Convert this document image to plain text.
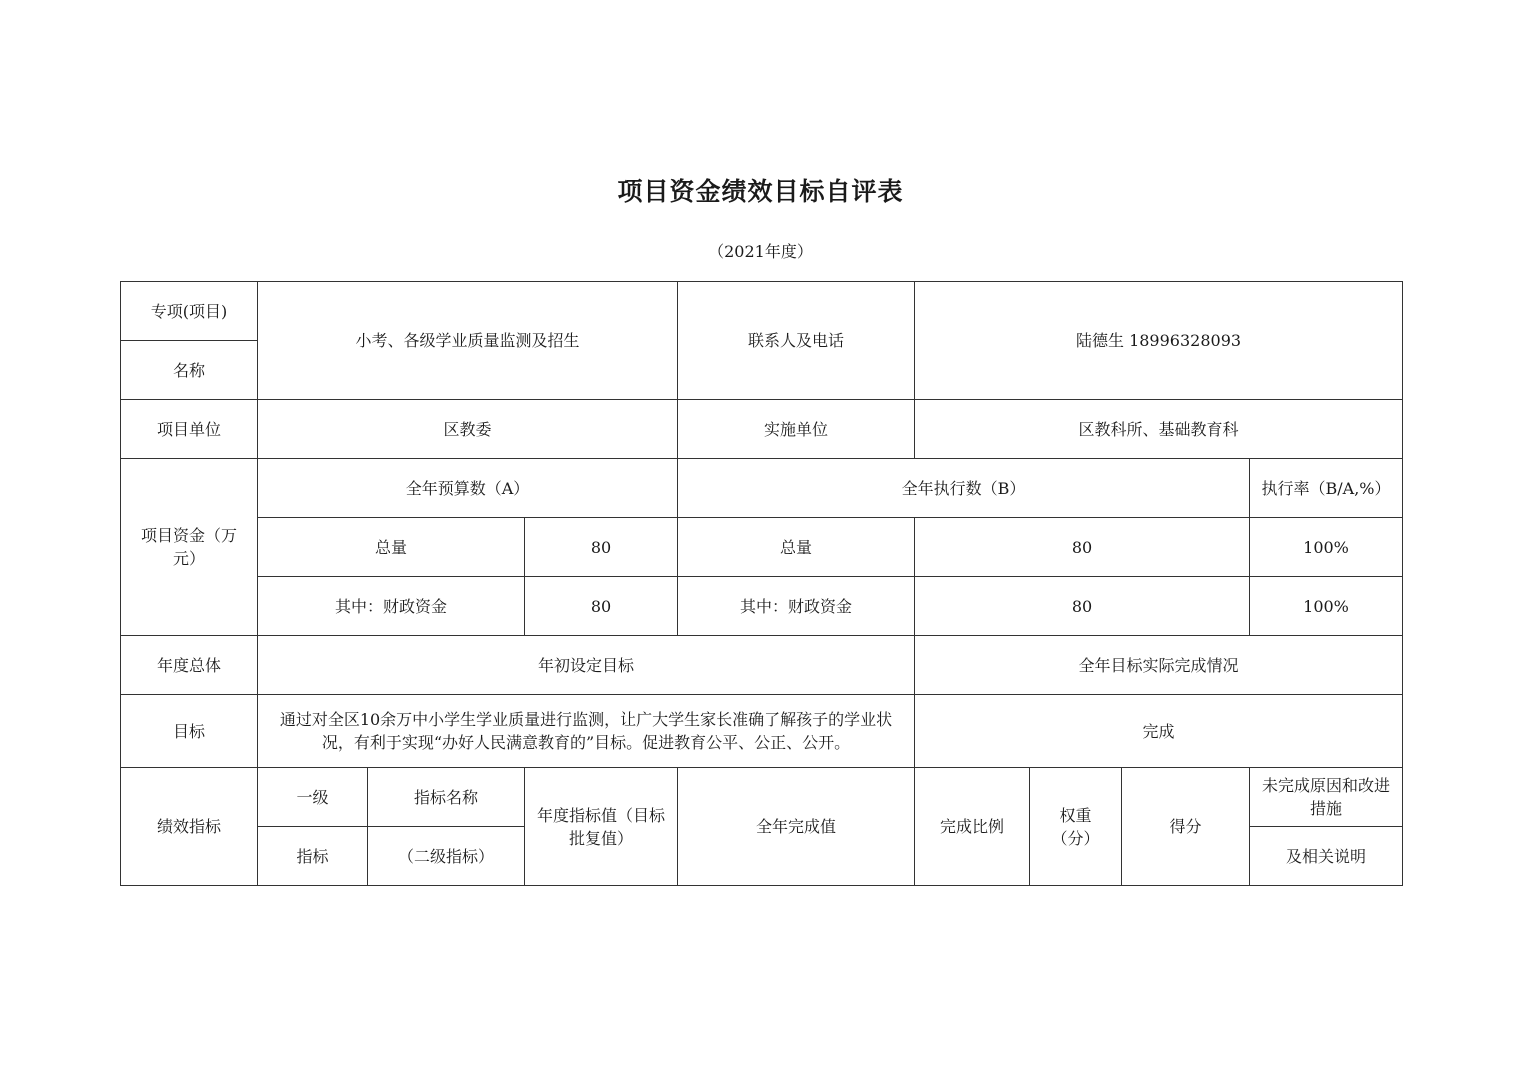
项目资金绩效目标自评表
（2021年度）
专项(项目)	小考、各级学业质量监测及招生			联系人及电话	陆德生 18996328093			
名称								
项目单位	区教委			实施单位	区教科所、基础教育科			

项目资金（万元）	全年预算数（A）			全年执行数（B）				执行率（B/A,%）
	总量		80	总量	80			100%
	其中：财政资金		80	其中：财政资金	80			100%
年度总体	年初设定目标				全年目标实际完成情况			
目标	通过对全区10余万中小学生学业质量进行监测，让广大学生家长准确了解孩子的学业状况，有利于实现“办好人民满意教育的”目标。促进教育公平、公正、公开。				完成			
绩效指标	一级	指标名称	年度指标值（目标批复值）	全年完成值	完成比例	权重（分）	得分	未完成原因和改进措施

	指标	（二级指标）						及相关说明
